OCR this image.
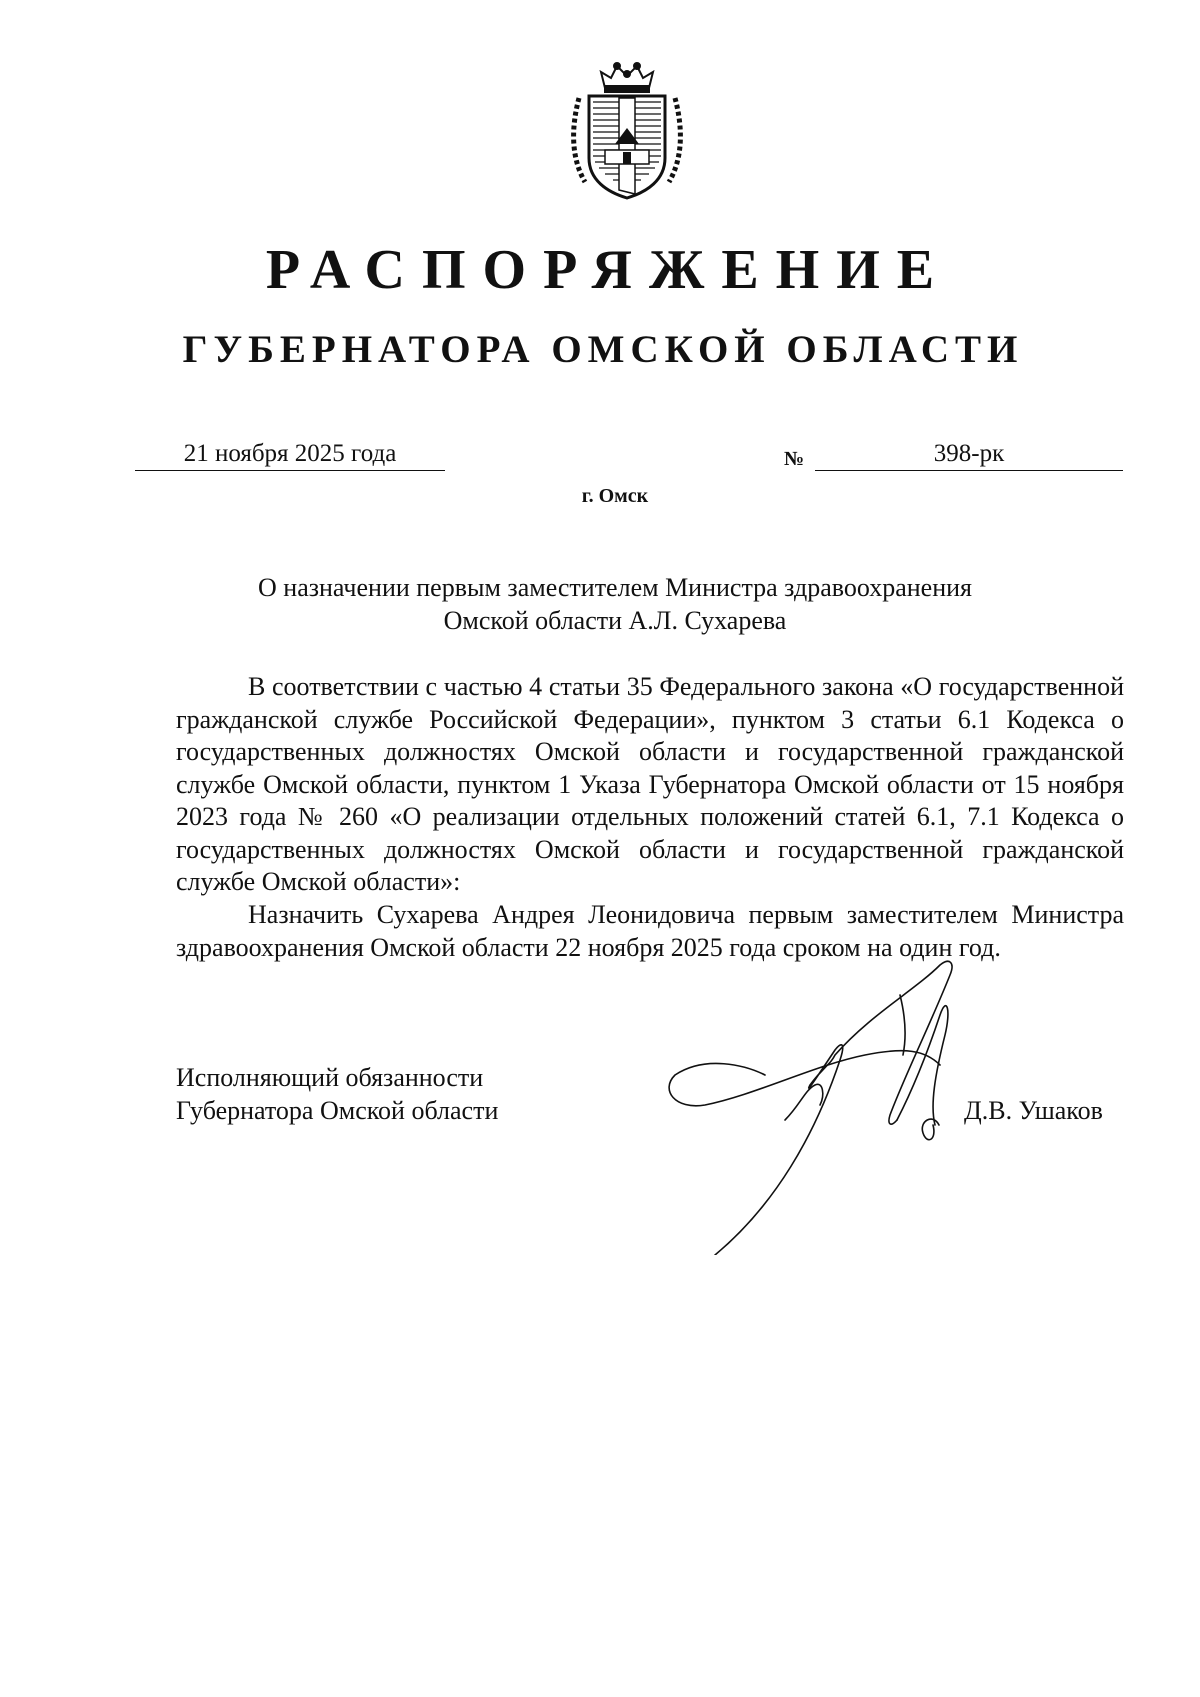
РАСПОРЯЖЕНИЕ
ГУБЕРНАТОРА ОМСКОЙ ОБЛАСТИ
21 ноября 2025 года	№	398-рк
г. Омск
О назначении первым заместителем Министра здравоохранения
Омской области А.Л. Сухарева

В соответствии с частью 4 статьи 35 Федерального закона «О государственной гражданской службе Российской Федерации», пунктом 3 статьи 6.1 Кодекса о государственных должностях Омской области и государственной гражданской службе Омской области, пунктом 1 Указа Губернатора Омской области от 15 ноября 2023 года № 260 «О реализации отдельных положений статей 6.1, 7.1 Кодекса о государственных должностях Омской области и государственной гражданской службе Омской области»:

Назначить Сухарева Андрея Леонидовича первым заместителем Министра здравоохранения Омской области 22 ноября 2025 года сроком на один год.

Исполняющий обязанности
Губернатора Омской области	Д.В. Ушаков
